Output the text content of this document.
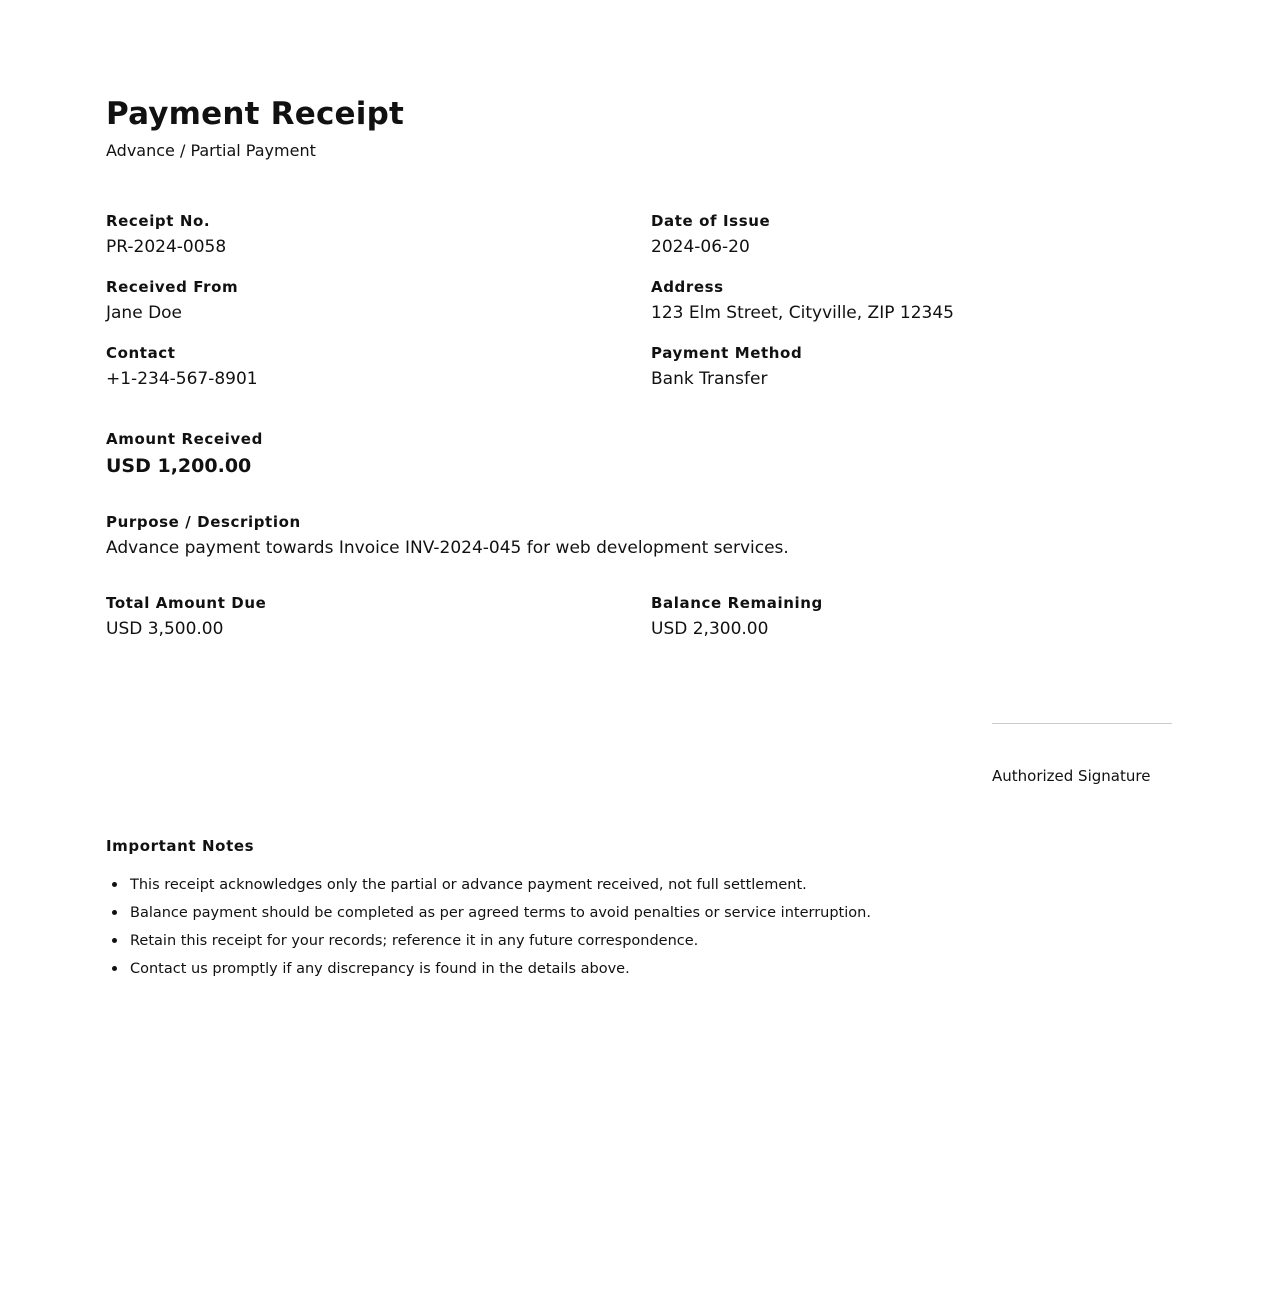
Payment Receipt
Advance / Partial Payment
Receipt No.
PR-2024-0058
Date of Issue
2024-06-20
Received From
Jane Doe
Address
123 Elm Street, Cityville, ZIP 12345
Contact
+1-234-567-8901
Payment Method
Bank Transfer
Amount Received
USD 1,200.00
Purpose / Description
Advance payment towards Invoice INV-2024-045 for web development services.
Total Amount Due
USD 3,500.00
Balance Remaining
USD 2,300.00
Authorized Signature
Important Notes
This receipt acknowledges only the partial or advance payment received, not full settlement.
Balance payment should be completed as per agreed terms to avoid penalties or service interruption.
Retain this receipt for your records; reference it in any future correspondence.
Contact us promptly if any discrepancy is found in the details above.
